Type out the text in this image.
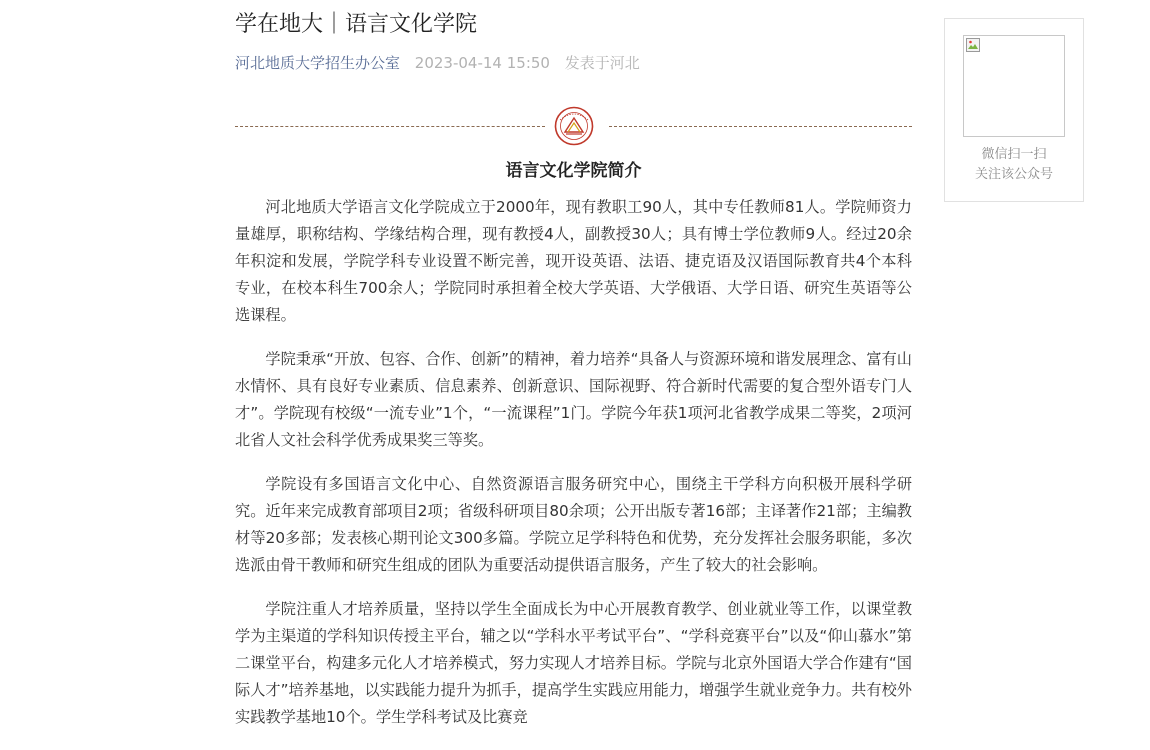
学在地大｜语言文化学院
河北地质大学招生办公室 2023-04-14 15:50 发表于河北
语言文化学院简介

河北地质大学语言文化学院成立于2000年，现有教职工90人，其中专任教师81人。学院师资力量雄厚，职称结构、学缘结构合理，现有教授4人，副教授30人；具有博士学位教师9人。经过20余年积淀和发展，学院学科专业设置不断完善，现开设英语、法语、捷克语及汉语国际教育共4个本科专业，在校本科生700余人；学院同时承担着全校大学英语、大学俄语、大学日语、研究生英语等公选课程。

学院秉承“开放、包容、合作、创新”的精神，着力培养“具备人与资源环境和谐发展理念、富有山水情怀、具有良好专业素质、信息素养、创新意识、国际视野、符合新时代需要的复合型外语专门人才”。学院现有校级“一流专业”1个，“一流课程”1门。学院今年获1项河北省教学成果二等奖，2项河北省人文社会科学优秀成果奖三等奖。

学院设有多国语言文化中心、自然资源语言服务研究中心，围绕主干学科方向积极开展科学研究。近年来完成教育部项目2项；省级科研项目80余项；公开出版专著16部；主译著作21部；主编教材等20多部；发表核心期刊论文300多篇。学院立足学科特色和优势，充分发挥社会服务职能，多次选派由骨干教师和研究生组成的团队为重要活动提供语言服务，产生了较大的社会影响。

学院注重人才培养质量，坚持以学生全面成长为中心开展教育教学、创业就业等工作，以课堂教学为主渠道的学科知识传授主平台，辅之以“学科水平考试平台”、“学科竞赛平台”以及“仰山慕水”第二课堂平台，构建多元化人才培养模式，努力实现人才培养目标。学院与北京外国语大学合作建有“国际人才”培养基地，以实践能力提升为抓手，提高学生实践应用能力，增强学生就业竞争力。共有校外实践教学基地10个。学生学科考试及比赛竞

微信扫一扫
关注该公众号
